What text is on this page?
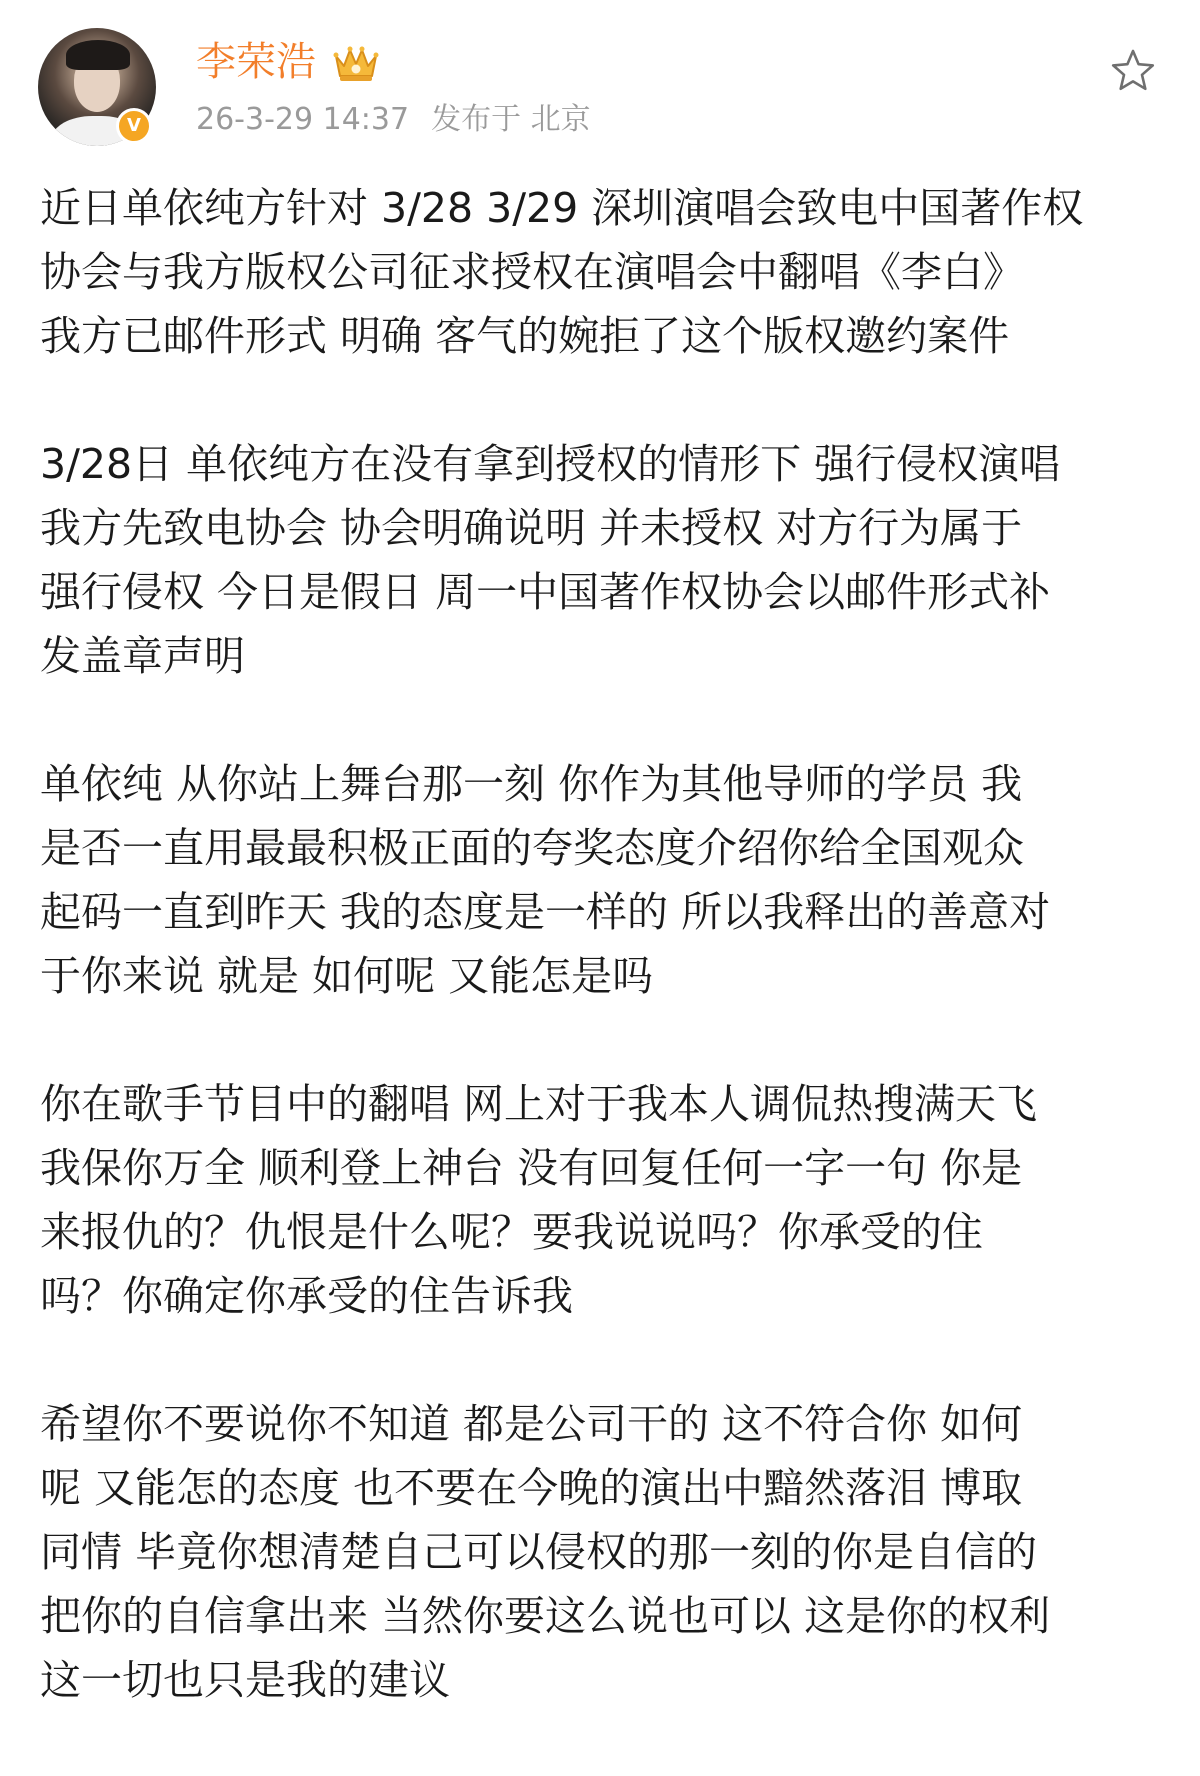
V
李荣浩
26-3-29 14:37 发布于 北京
近日单依纯方针对 3/28 3/29 深圳演唱会致电中国著作权
协会与我方版权公司征求授权在演唱会中翻唱《李白》
我方已邮件形式 明确 客气的婉拒了这个版权邀约案件
3/28日 单依纯方在没有拿到授权的情形下 强行侵权演唱
我方先致电协会 协会明确说明 并未授权 对方行为属于
强行侵权 今日是假日 周一中国著作权协会以邮件形式补
发盖章声明
单依纯 从你站上舞台那一刻 你作为其他导师的学员 我
是否一直用最最积极正面的夸奖态度介绍你给全国观众
起码一直到昨天 我的态度是一样的 所以我释出的善意对
于你来说 就是 如何呢 又能怎是吗
你在歌手节目中的翻唱 网上对于我本人调侃热搜满天飞
我保你万全 顺利登上神台 没有回复任何一字一句 你是
来报仇的？仇恨是什么呢？要我说说吗？你承受的住
吗？你确定你承受的住告诉我
希望你不要说你不知道 都是公司干的 这不符合你 如何
呢 又能怎的态度 也不要在今晚的演出中黯然落泪 博取
同情 毕竟你想清楚自己可以侵权的那一刻的你是自信的
把你的自信拿出来 当然你要这么说也可以 这是你的权利
这一切也只是我的建议
